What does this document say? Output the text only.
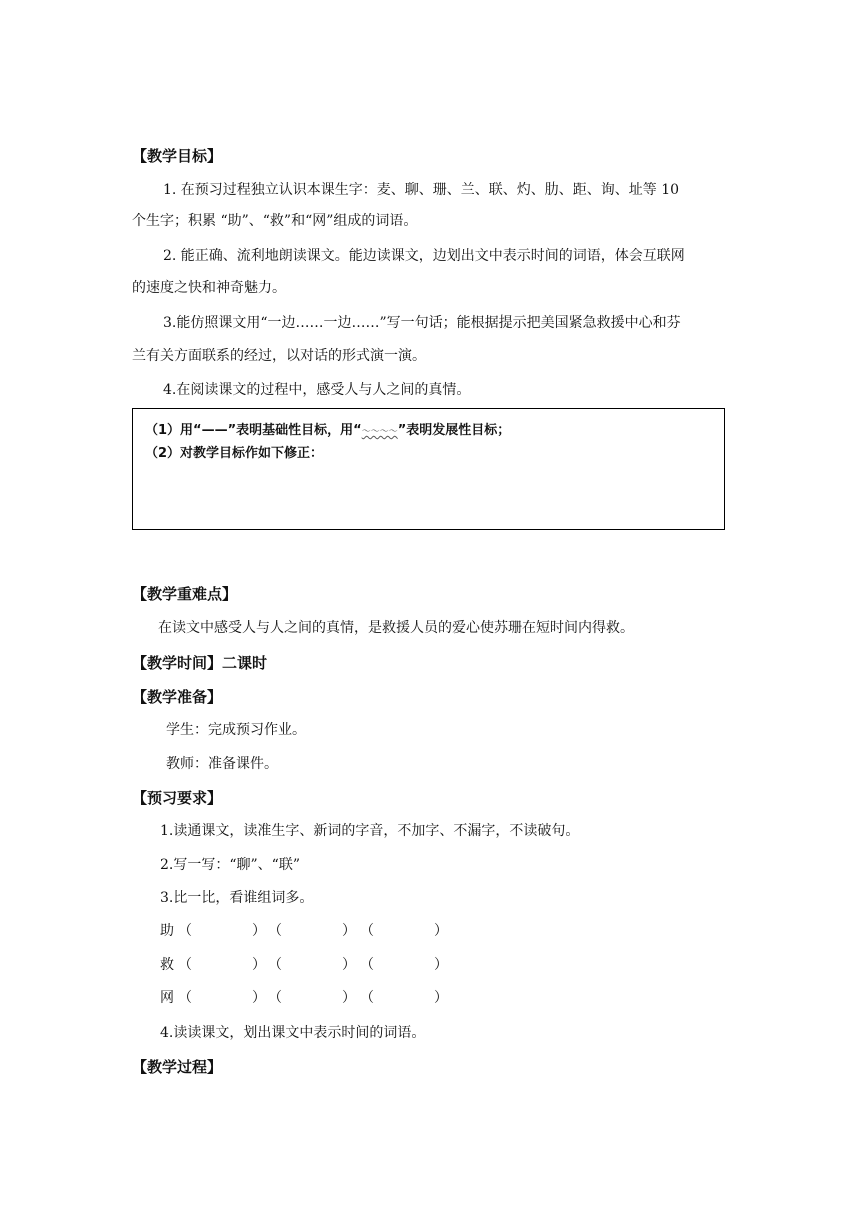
【教学目标】
1. 在预习过程独立认识本课生字：麦、聊、珊、兰、联、灼、肋、距、询、址等 10
个生字；积累 “助”、“救”和“网”组成的词语。
2. 能正确、流利地朗读课文。能边读课文，边划出文中表示时间的词语，体会互联网
的速度之快和神奇魅力。
3.能仿照课文用“一边……一边……”写一句话；能根据提示把美国紧急救援中心和芬
兰有关方面联系的经过，以对话的形式演一演。
4.在阅读课文的过程中，感受人与人之间的真情。
（1）用“——”表明基础性目标，用“～～～～”表明发展性目标；
（2）对教学目标作如下修正：
【教学重难点】
在读文中感受人与人之间的真情，是救援人员的爱心使苏珊在短时间内得救。
【教学时间】二课时
【教学准备】
学生：完成预习作业。
教师：准备课件。
【预习要求】
1.读通课文，读准生字、新词的字音，不加字、不漏字，不读破句。
2.写一写：“聊”、“联”
3.比一比，看谁组词多。
助 （	） （	） （	）
救 （	） （	） （	）
网 （	） （	） （	）
4.读读课文，划出课文中表示时间的词语。
【教学过程】
